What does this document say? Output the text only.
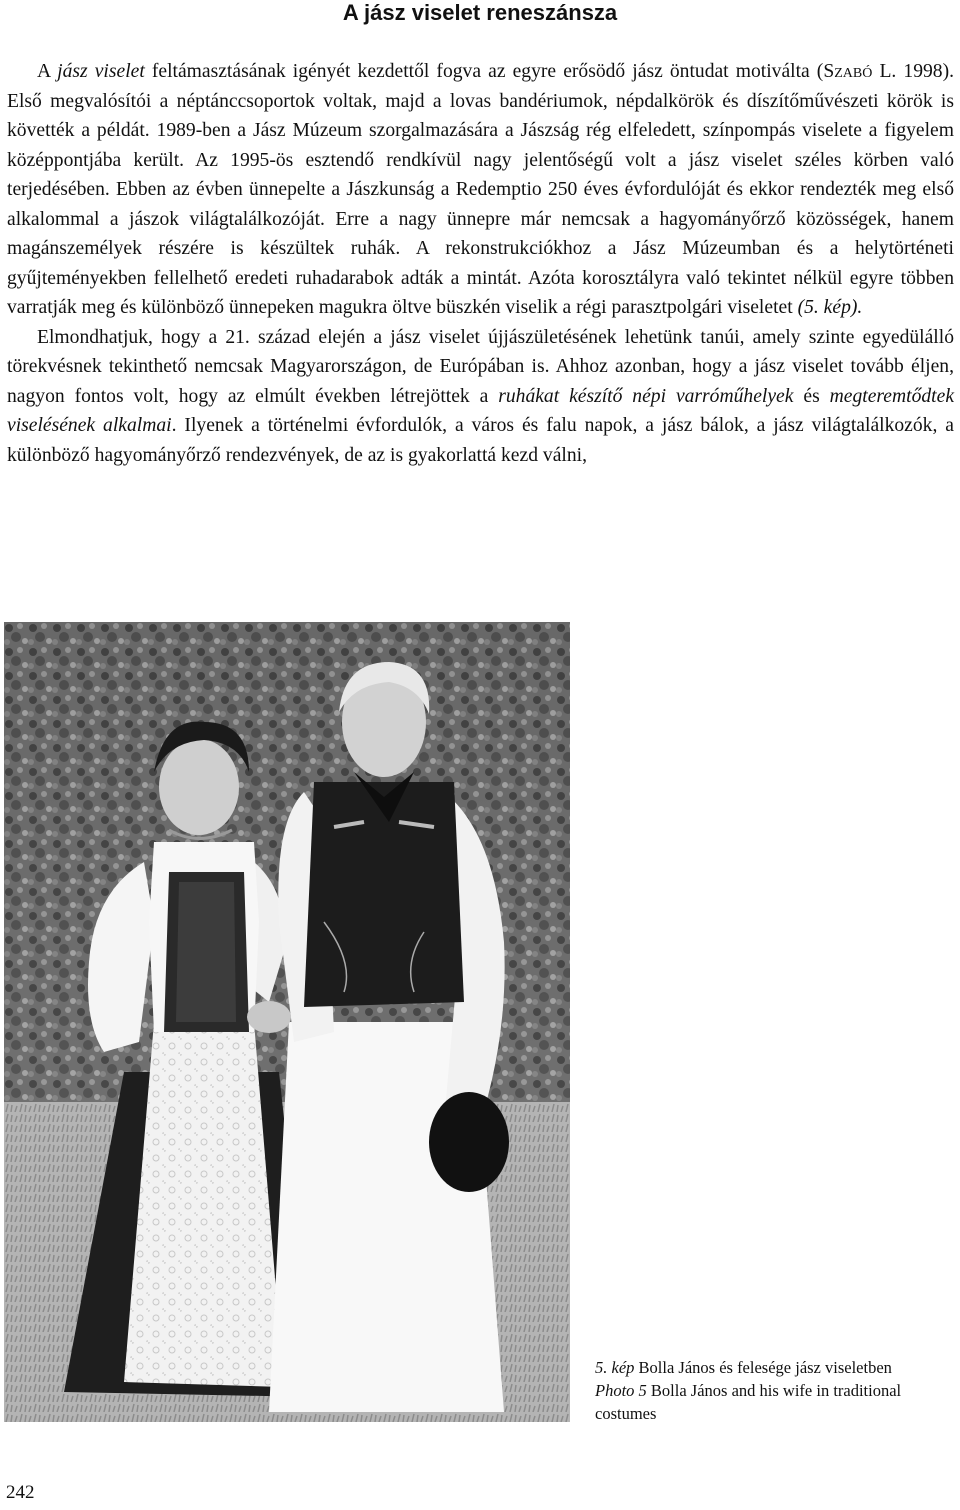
A jász viselet reneszánsza

A jász viselet feltámasztásának igényét kezdettől fogva az egyre erősödő jász öntudat motiválta (Szabó L. 1998). Első megvalósítói a néptánccsoportok voltak, majd a lovas bandériumok, népdalkörök és díszítőművészeti körök is követték a példát. 1989-ben a Jász Múzeum szorgalmazására a Jászság rég elfeledett, színpompás viselete a figyelem középpontjába került. Az 1995-ös esztendő rendkívül nagy jelentőségű volt a jász viselet széles körben való terjedésében. Ebben az évben ünnepelte a Jászkunság a Redemptio 250 éves évfordulóját és ekkor rendezték meg első alkalommal a jászok világtalálkozóját. Erre a nagy ünnepre már nemcsak a hagyományőrző közösségek, hanem magánszemélyek részére is készültek ruhák. A rekonstrukciókhoz a Jász Múzeumban és a helytörténeti gyűjteményekben fellelhető eredeti ruhadarabok adták a mintát. Azóta korosztályra való tekintet nélkül egyre többen varratják meg és különböző ünnepeken magukra öltve büszkén viselik a régi parasztpolgári viseletet (5. kép).

Elmondhatjuk, hogy a 21. század elején a jász viselet újjászületésének lehetünk tanúi, amely szinte egyedülálló törekvésnek tekinthető nemcsak Magyarországon, de Európában is. Ahhoz azonban, hogy a jász viselet tovább éljen, nagyon fontos volt, hogy az elmúlt években létrejöttek a ruhákat készítő népi varróműhelyek és megteremtődtek viselésének alkalmai. Ilyenek a történelmi évfordulók, a város és falu napok, a jász bálok, a jász világtalálkozók, a különböző hagyományőrző rendezvények, de az is gyakorlattá kezd válni,

5. kép Bolla János és felesége jász viseletben
Photo 5 Bolla János and his wife in traditional costumes
242
